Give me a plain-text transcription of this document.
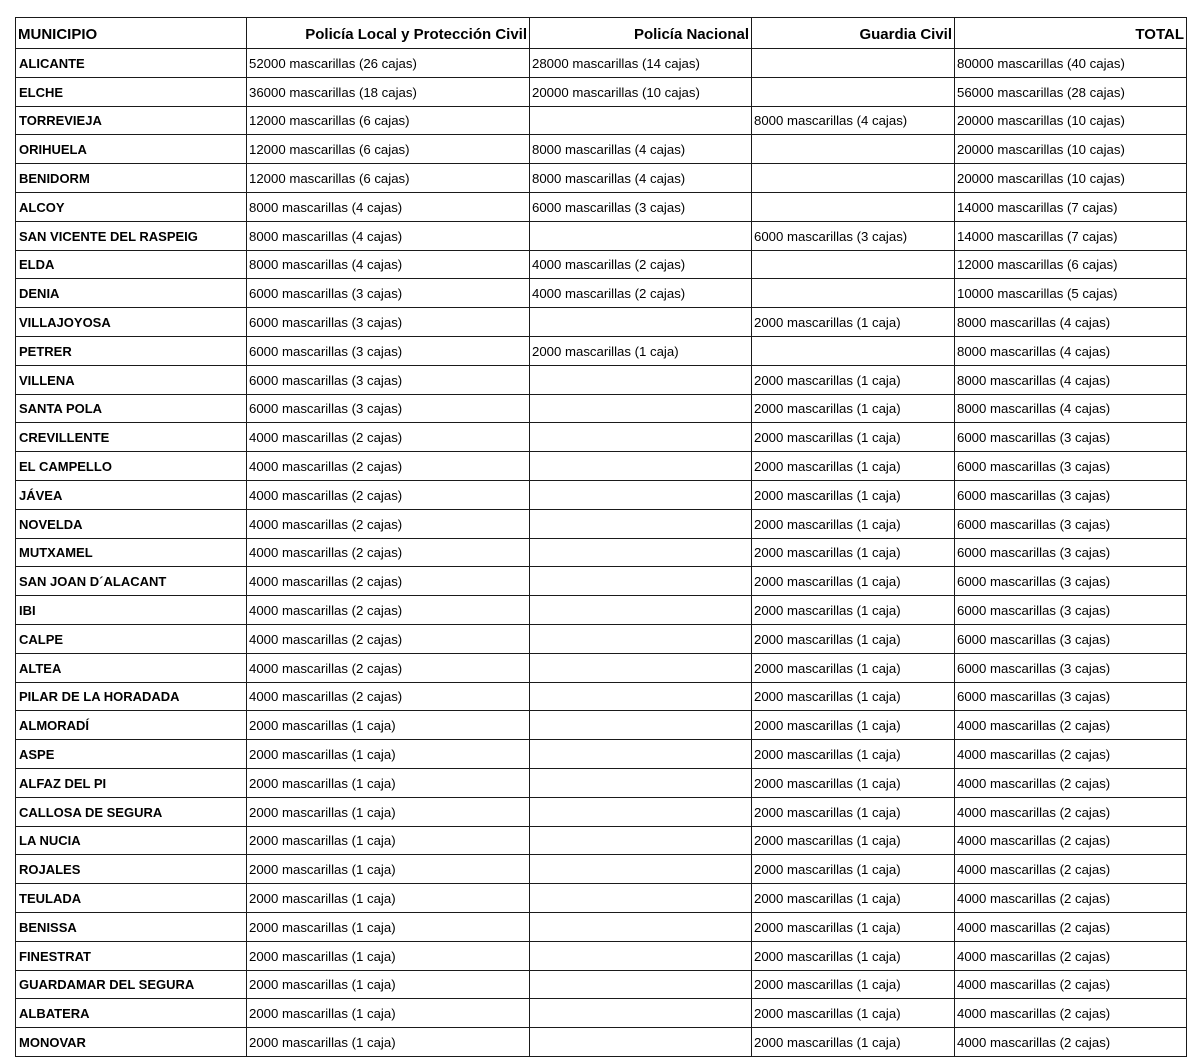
MUNICIPIO	Policía Local y Protección Civil	Policía Nacional	Guardia Civil	TOTAL
ALICANTE	52000 mascarillas (26 cajas)	28000 mascarillas (14 cajas)		80000 mascarillas (40 cajas)
ELCHE	36000 mascarillas (18 cajas)	20000 mascarillas (10 cajas)		56000 mascarillas (28 cajas)
TORREVIEJA	12000 mascarillas (6 cajas)		8000 mascarillas (4 cajas)	20000 mascarillas (10 cajas)
ORIHUELA	12000 mascarillas (6 cajas)	8000 mascarillas (4 cajas)		20000 mascarillas (10 cajas)
BENIDORM	12000 mascarillas (6 cajas)	8000 mascarillas (4 cajas)		20000 mascarillas (10 cajas)
ALCOY	8000 mascarillas (4 cajas)	6000 mascarillas (3 cajas)		14000 mascarillas (7 cajas)
SAN VICENTE DEL RASPEIG	8000 mascarillas (4 cajas)		6000 mascarillas (3 cajas)	14000 mascarillas (7 cajas)
ELDA	8000 mascarillas (4 cajas)	4000 mascarillas (2 cajas)		12000 mascarillas (6 cajas)
DENIA	6000 mascarillas (3 cajas)	4000 mascarillas (2 cajas)		10000 mascarillas (5 cajas)
VILLAJOYOSA	6000 mascarillas (3 cajas)		2000 mascarillas (1 caja)	8000 mascarillas (4 cajas)
PETRER	6000 mascarillas (3 cajas)	2000 mascarillas (1 caja)		8000 mascarillas (4 cajas)
VILLENA	6000 mascarillas (3 cajas)		2000 mascarillas (1 caja)	8000 mascarillas (4 cajas)
SANTA POLA	6000 mascarillas (3 cajas)		2000 mascarillas (1 caja)	8000 mascarillas (4 cajas)
CREVILLENTE	4000 mascarillas (2 cajas)		2000 mascarillas (1 caja)	6000 mascarillas (3 cajas)
EL CAMPELLO	4000 mascarillas (2 cajas)		2000 mascarillas (1 caja)	6000 mascarillas (3 cajas)
JÁVEA	4000 mascarillas (2 cajas)		2000 mascarillas (1 caja)	6000 mascarillas (3 cajas)
NOVELDA	4000 mascarillas (2 cajas)		2000 mascarillas (1 caja)	6000 mascarillas (3 cajas)
MUTXAMEL	4000 mascarillas (2 cajas)		2000 mascarillas (1 caja)	6000 mascarillas (3 cajas)
SAN JOAN D´ALACANT	4000 mascarillas (2 cajas)		2000 mascarillas (1 caja)	6000 mascarillas (3 cajas)
IBI	4000 mascarillas (2 cajas)		2000 mascarillas (1 caja)	6000 mascarillas (3 cajas)
CALPE	4000 mascarillas (2 cajas)		2000 mascarillas (1 caja)	6000 mascarillas (3 cajas)
ALTEA	4000 mascarillas (2 cajas)		2000 mascarillas (1 caja)	6000 mascarillas (3 cajas)
PILAR DE LA HORADADA	4000 mascarillas (2 cajas)		2000 mascarillas (1 caja)	6000 mascarillas (3 cajas)
ALMORADÍ	2000 mascarillas (1 caja)		2000 mascarillas (1 caja)	4000 mascarillas (2 cajas)
ASPE	2000 mascarillas (1 caja)		2000 mascarillas (1 caja)	4000 mascarillas (2 cajas)
ALFAZ DEL PI	2000 mascarillas (1 caja)		2000 mascarillas (1 caja)	4000 mascarillas (2 cajas)
CALLOSA DE SEGURA	2000 mascarillas (1 caja)		2000 mascarillas (1 caja)	4000 mascarillas (2 cajas)
LA NUCIA	2000 mascarillas (1 caja)		2000 mascarillas (1 caja)	4000 mascarillas (2 cajas)
ROJALES	2000 mascarillas (1 caja)		2000 mascarillas (1 caja)	4000 mascarillas (2 cajas)
TEULADA	2000 mascarillas (1 caja)		2000 mascarillas (1 caja)	4000 mascarillas (2 cajas)
BENISSA	2000 mascarillas (1 caja)		2000 mascarillas (1 caja)	4000 mascarillas (2 cajas)
FINESTRAT	2000 mascarillas (1 caja)		2000 mascarillas (1 caja)	4000 mascarillas (2 cajas)
GUARDAMAR DEL SEGURA	2000 mascarillas (1 caja)		2000 mascarillas (1 caja)	4000 mascarillas (2 cajas)
ALBATERA	2000 mascarillas (1 caja)		2000 mascarillas (1 caja)	4000 mascarillas (2 cajas)
MONOVAR	2000 mascarillas (1 caja)		2000 mascarillas (1 caja)	4000 mascarillas (2 cajas)
